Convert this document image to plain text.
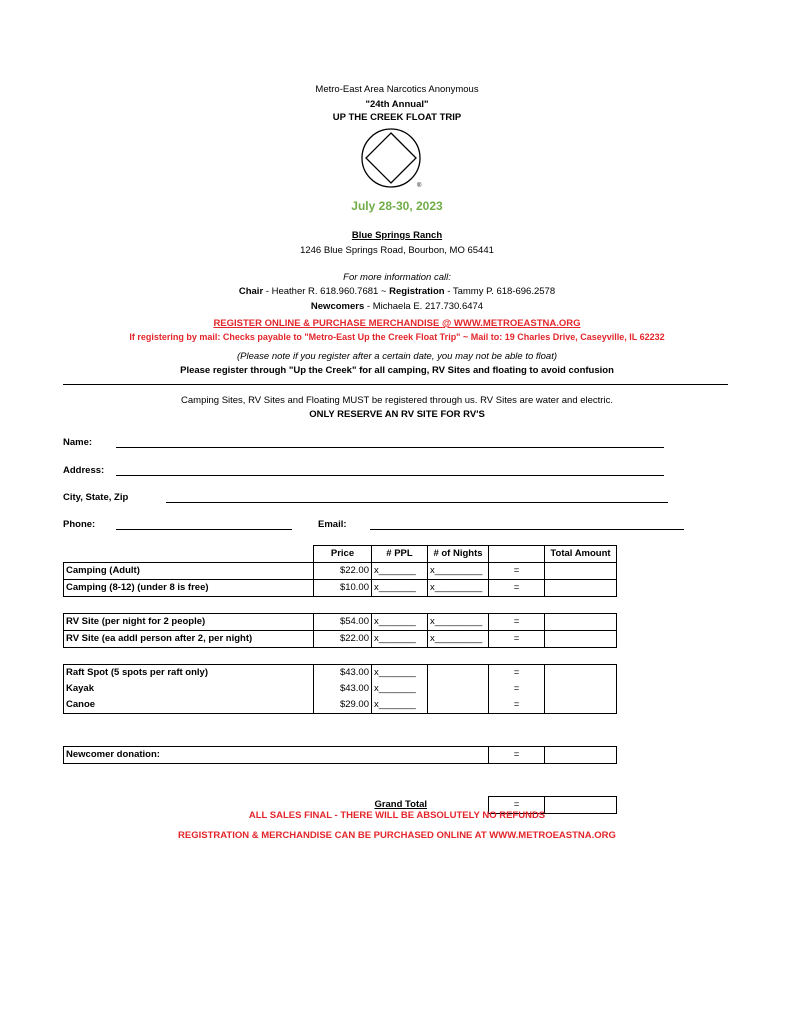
Metro-East Area Narcotics Anonymous
"24th Annual"
UP THE CREEK FLOAT TRIP
®
July 28-30, 2023
Blue Springs Ranch
1246 Blue Springs Road, Bourbon, MO 65441
For more information call:
Chair - Heather R. 618.960.7681 ~ Registration - Tammy P. 618-696.2578
Newcomers - Michaela E. 217.730.6474
REGISTER ONLINE & PURCHASE MERCHANDISE @ WWW.METROEASTNA.ORG
If registering by mail: Checks payable to "Metro-East Up the Creek Float Trip" ~ Mail to: 19 Charles Drive, Caseyville, IL 62232
(Please note if you register after a certain date, you may not be able to float)
Please register through "Up the Creek" for all camping, RV Sites and floating to avoid confusion
Camping Sites, RV Sites and Floating MUST be registered through us. RV Sites are water and electric.
ONLY RESERVE AN RV SITE FOR RV'S
Name:
Address:
City, State, Zip
Phone:	Email:
	Price	# PPL	# of Nights		Total Amount
Camping (Adult)	$22.00	x_______	x_________	=	
Camping (8-12) (under 8 is free)	$10.00	x_______	x_________	=	

RV Site (per night for 2 people)	$54.00	x_______	x_________	=	
RV Site (ea addl person after 2, per night)	$22.00	x_______	x_________	=	

Raft Spot (5 spots per raft only)	$43.00	x_______		=	
Kayak	$43.00	x_______		=	
Canoe	$29.00	x_______		=	

Newcomer donation:				=	

	Grand Total			=	
ALL SALES FINAL - THERE WILL BE ABSOLUTELY NO REFUNDS
REGISTRATION & MERCHANDISE CAN BE PURCHASED ONLINE AT WWW.METROEASTNA.ORG
